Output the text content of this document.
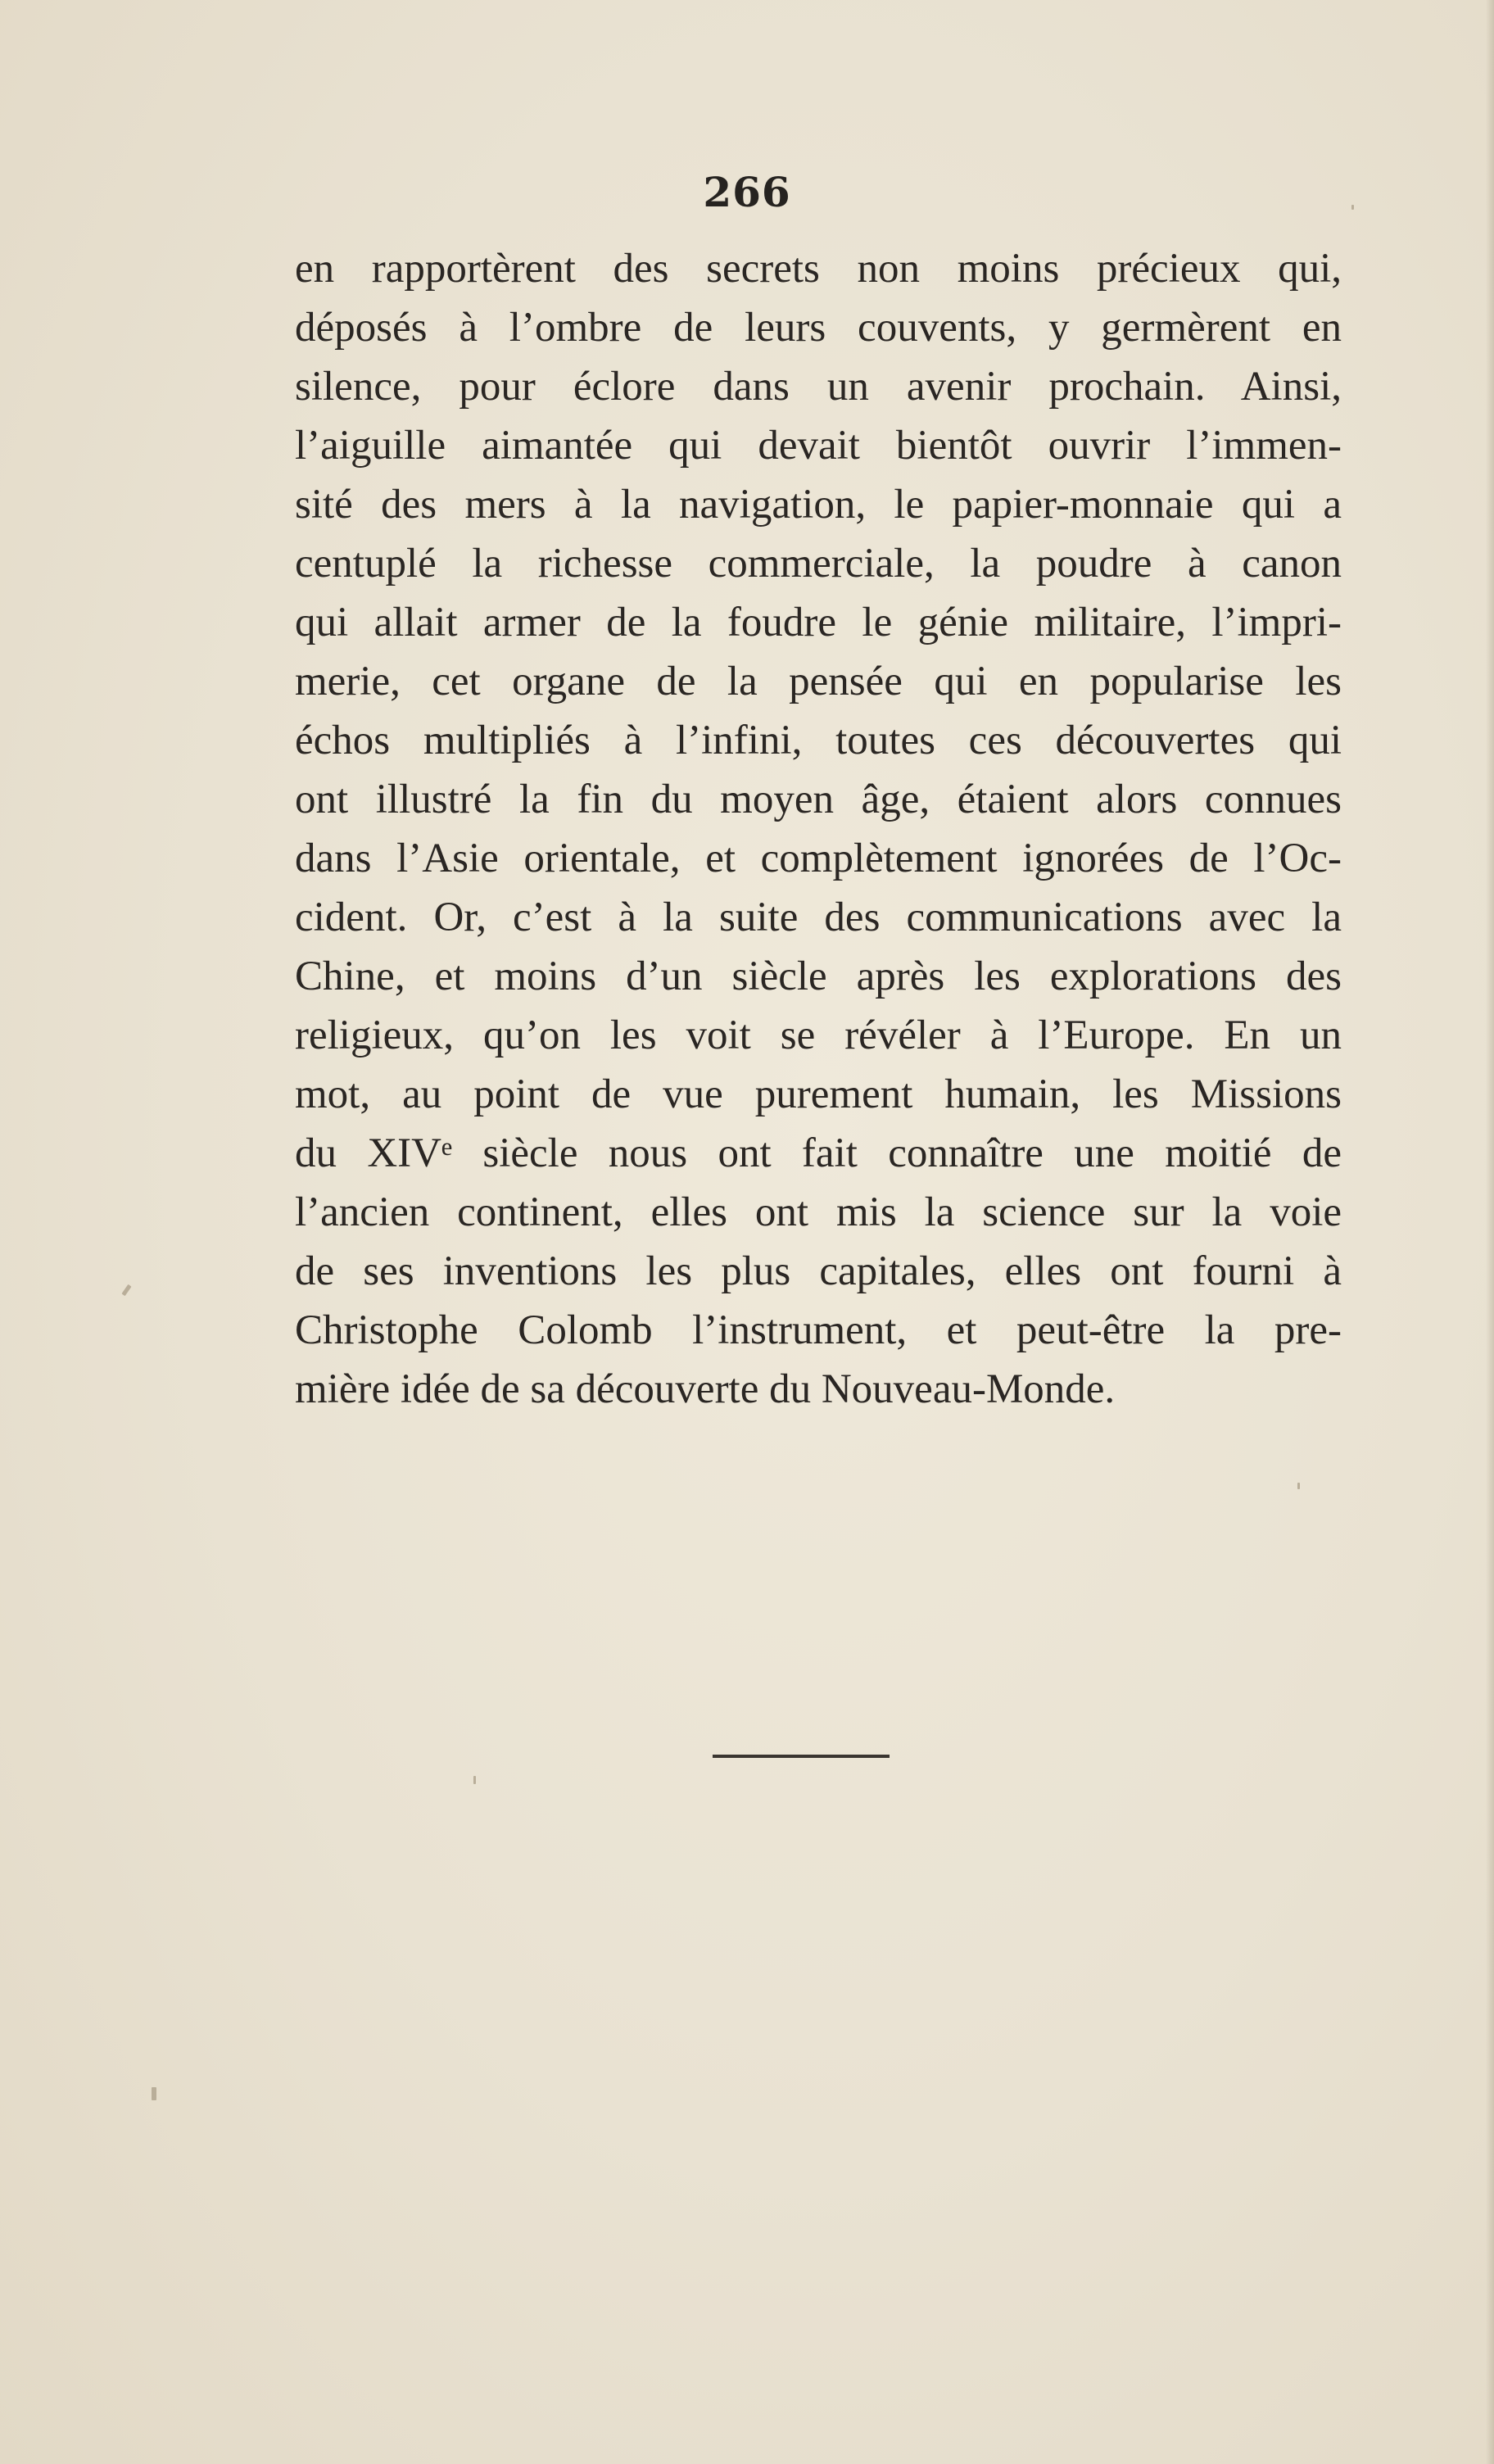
266
en rapportèrent des secrets non moins précieux qui,
déposés à l’ombre de leurs couvents, y germèrent en
silence, pour éclore dans un avenir prochain. Ainsi,
l’aiguille aimantée qui devait bientôt ouvrir l’immen-
sité des mers à la navigation, le papier-monnaie qui a
centuplé la richesse commerciale, la poudre à canon
qui allait armer de la foudre le génie militaire, l’impri-
merie, cet organe de la pensée qui en popularise les
échos multipliés à l’infini, toutes ces découvertes qui
ont illustré la fin du moyen âge, étaient alors connues
dans l’Asie orientale, et complètement ignorées de l’Oc-
cident. Or, c’est à la suite des communications avec la
Chine, et moins d’un siècle après les explorations des
religieux, qu’on les voit se révéler à l’Europe. En un
mot, au point de vue purement humain, les Missions
du XIVᵉ siècle nous ont fait connaître une moitié de
l’ancien continent, elles ont mis la science sur la voie
de ses inventions les plus capitales, elles ont fourni à
Christophe Colomb l’instrument, et peut-être la pre-
mière idée de sa découverte du Nouveau-Monde.
